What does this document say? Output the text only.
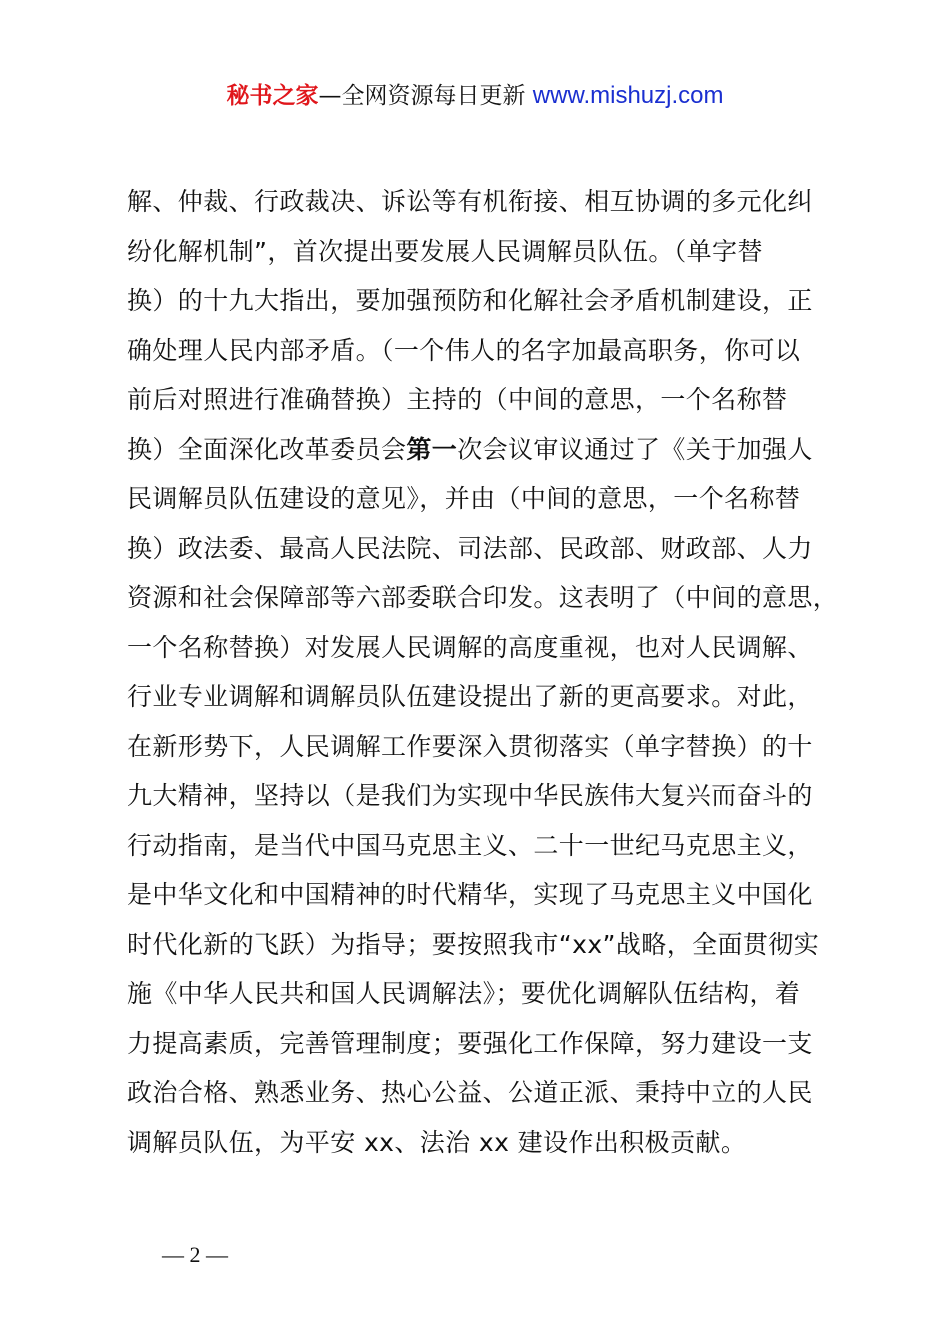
秘书之家—全网资源每日更新 www.mishuzj.com
解、仲裁、行政裁决、诉讼等有机衔接、相互协调的多元化纠
纷化解机制”，首次提出要发展人民调解员队伍。（单字替
换）的十九大指出，要加强预防和化解社会矛盾机制建设，正
确处理人民内部矛盾。（一个伟人的名字加最高职务，你可以
前后对照进行准确替换）主持的（中间的意思，一个名称替
换）全面深化改革委员会第一次会议审议通过了《关于加强人
民调解员队伍建设的意见》，并由（中间的意思，一个名称替
换）政法委、最高人民法院、司法部、民政部、财政部、人力
资源和社会保障部等六部委联合印发。这表明了（中间的意思，
一个名称替换）对发展人民调解的高度重视，也对人民调解、
行业专业调解和调解员队伍建设提出了新的更高要求。对此，
在新形势下，人民调解工作要深入贯彻落实（单字替换）的十
九大精神，坚持以（是我们为实现中华民族伟大复兴而奋斗的
行动指南，是当代中国马克思主义、二十一世纪马克思主义，
是中华文化和中国精神的时代精华，实现了马克思主义中国化
时代化新的飞跃）为指导；要按照我市“xx”战略，全面贯彻实
施《中华人民共和国人民调解法》；要优化调解队伍结构，着
力提高素质，完善管理制度；要强化工作保障，努力建设一支
政治合格、熟悉业务、热心公益、公道正派、秉持中立的人民
调解员队伍，为平安 xx、法治 xx 建设作出积极贡献。
— 2 —
